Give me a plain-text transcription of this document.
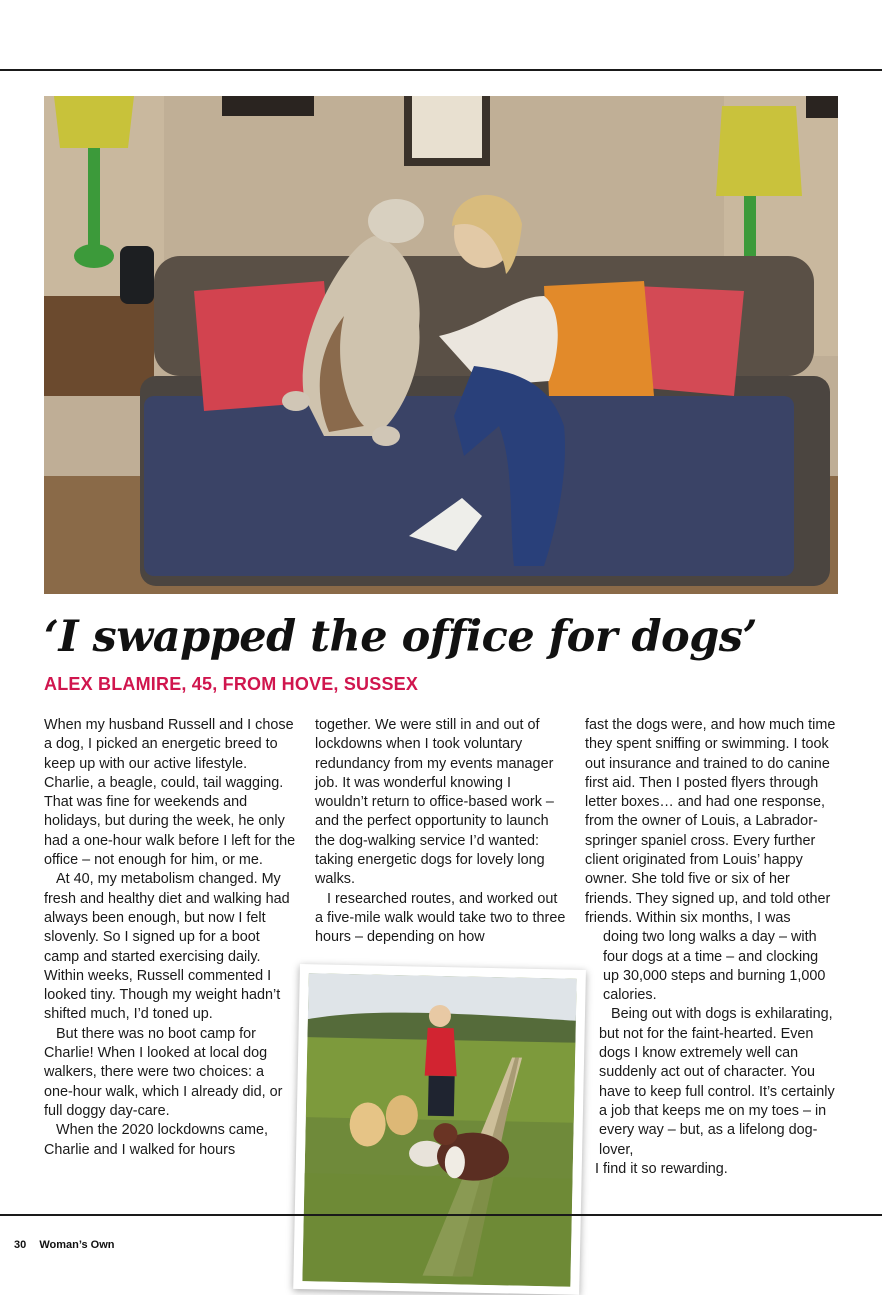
‘I swapped the office for dogs’

ALEX BLAMIRE, 45, FROM HOVE, SUSSEX

When my husband Russell and I chose a dog, I picked an energetic breed to keep up with our active lifestyle. Charlie, a beagle, could, tail wagging. That was fine for weekends and holidays, but during the week, he only had a one-hour walk before I left for the office – not enough for him, or me.

At 40, my metabolism changed. My fresh and healthy diet and walking had always been enough, but now I felt slovenly. So I signed up for a boot camp and started exercising daily. Within weeks, Russell commented I looked tiny. Though my weight hadn’t shifted much, I’d toned up.

But there was no boot camp for Charlie! When I looked at local dog walkers, there were two choices: a one-hour walk, which I already did, or full doggy day-care.

When the 2020 lockdowns came, Charlie and I walked for hours

together. We were still in and out of lockdowns when I took voluntary redundancy from my events manager job. It was wonderful knowing I wouldn’t return to office-based work – and the perfect opportunity to launch the dog-walking service I’d wanted: taking energetic dogs for lovely long walks.

I researched routes, and worked out a five-mile walk would take two to three hours – depending on how

fast the dogs were, and how much time they spent sniffing or swimming. I took out insurance and trained to do canine first aid. Then I posted flyers through letter boxes… and had one response, from the owner of Louis, a Labrador-springer spaniel cross. Every further client originated from Louis’ happy owner. She told five or six of her friends. They signed up, and told other friends. Within six months, I was

doing two long walks a day – with four dogs at a time – and clocking up 30,000 steps and burning 1,000 calories.
Being out with dogs is exhilarating, but not for the faint-hearted. Even dogs I know extremely well can suddenly act out of character. You have to keep full control. It’s certainly a job that keeps me on my toes – in every way – but, as a lifelong dog-lover,
I find it so rewarding.
30 Woman’s Own
